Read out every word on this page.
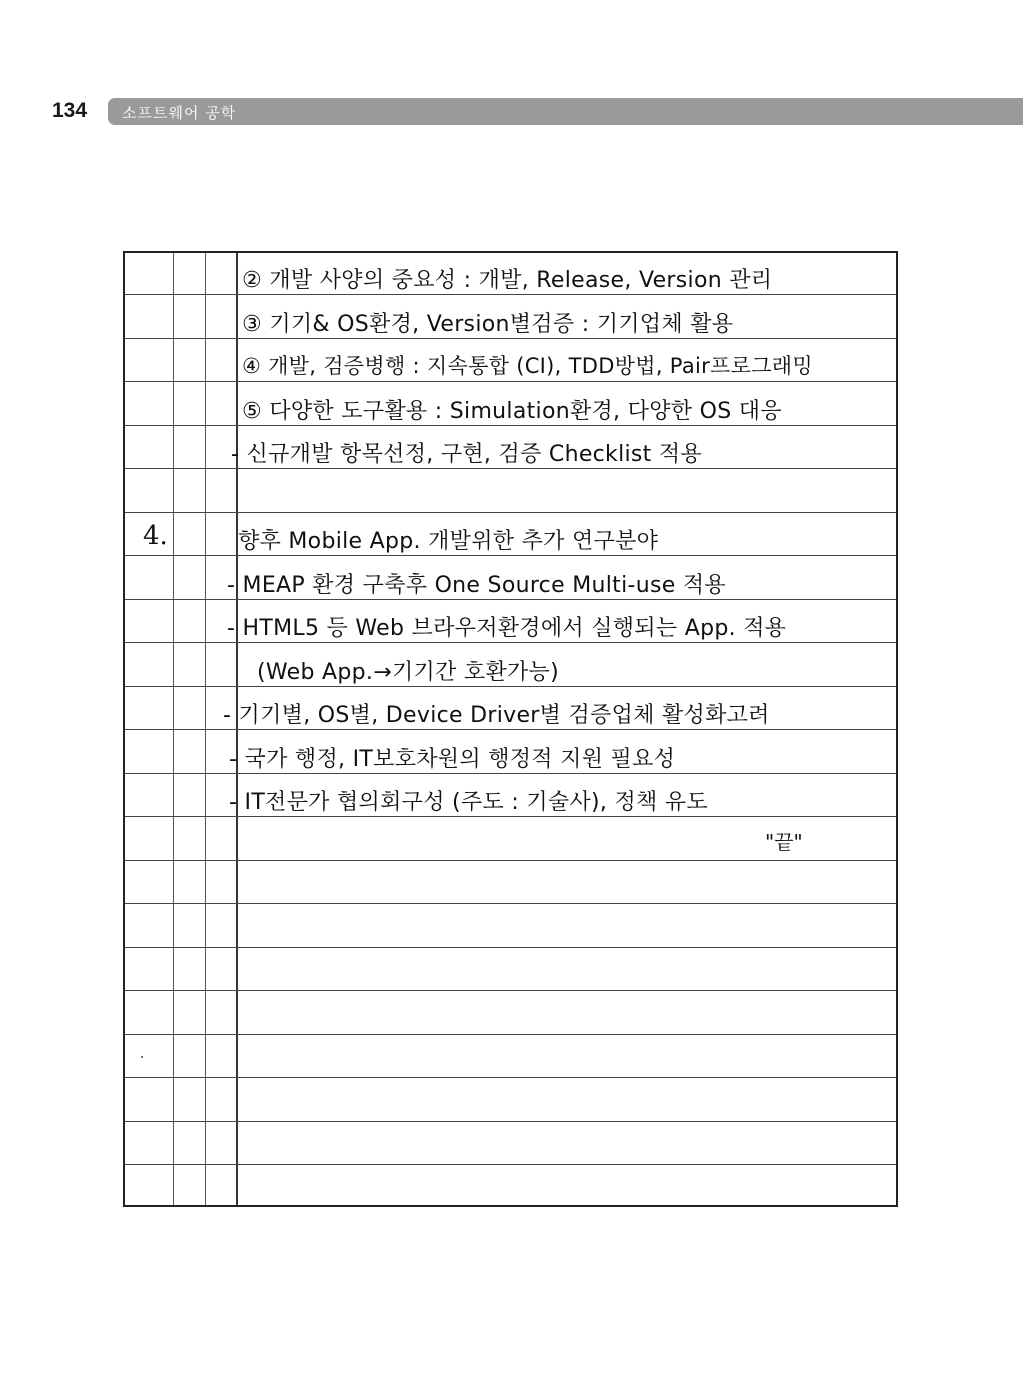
134 소프트웨어 공학
② 개발 사양의 중요성 : 개발, Release, Version 관리
③ 기기& OS환경, Version별검증 : 기기업체 활용
④ 개발, 검증병행 : 지속통합 (CI), TDD방법, Pair프로그래밍
⑤ 다양한 도구활용 : Simulation환경, 다양한 OS 대응
- 신규개발 항목선정, 구현, 검증 Checklist 적용
4.	향후 Mobile App. 개발위한 추가 연구분야
- MEAP 환경 구축후 One Source Multi-use 적용
- HTML5 등 Web 브라우저환경에서 실행되는 App. 적용
(Web App.→기기간 호환가능)
- 기기별, OS별, Device Driver별 검증업체 활성화고려
- 국가 행정, IT보호차원의 행정적 지원 필요성
- IT전문가 협의회구성 (주도 : 기술사), 정책 유도
"끝"
